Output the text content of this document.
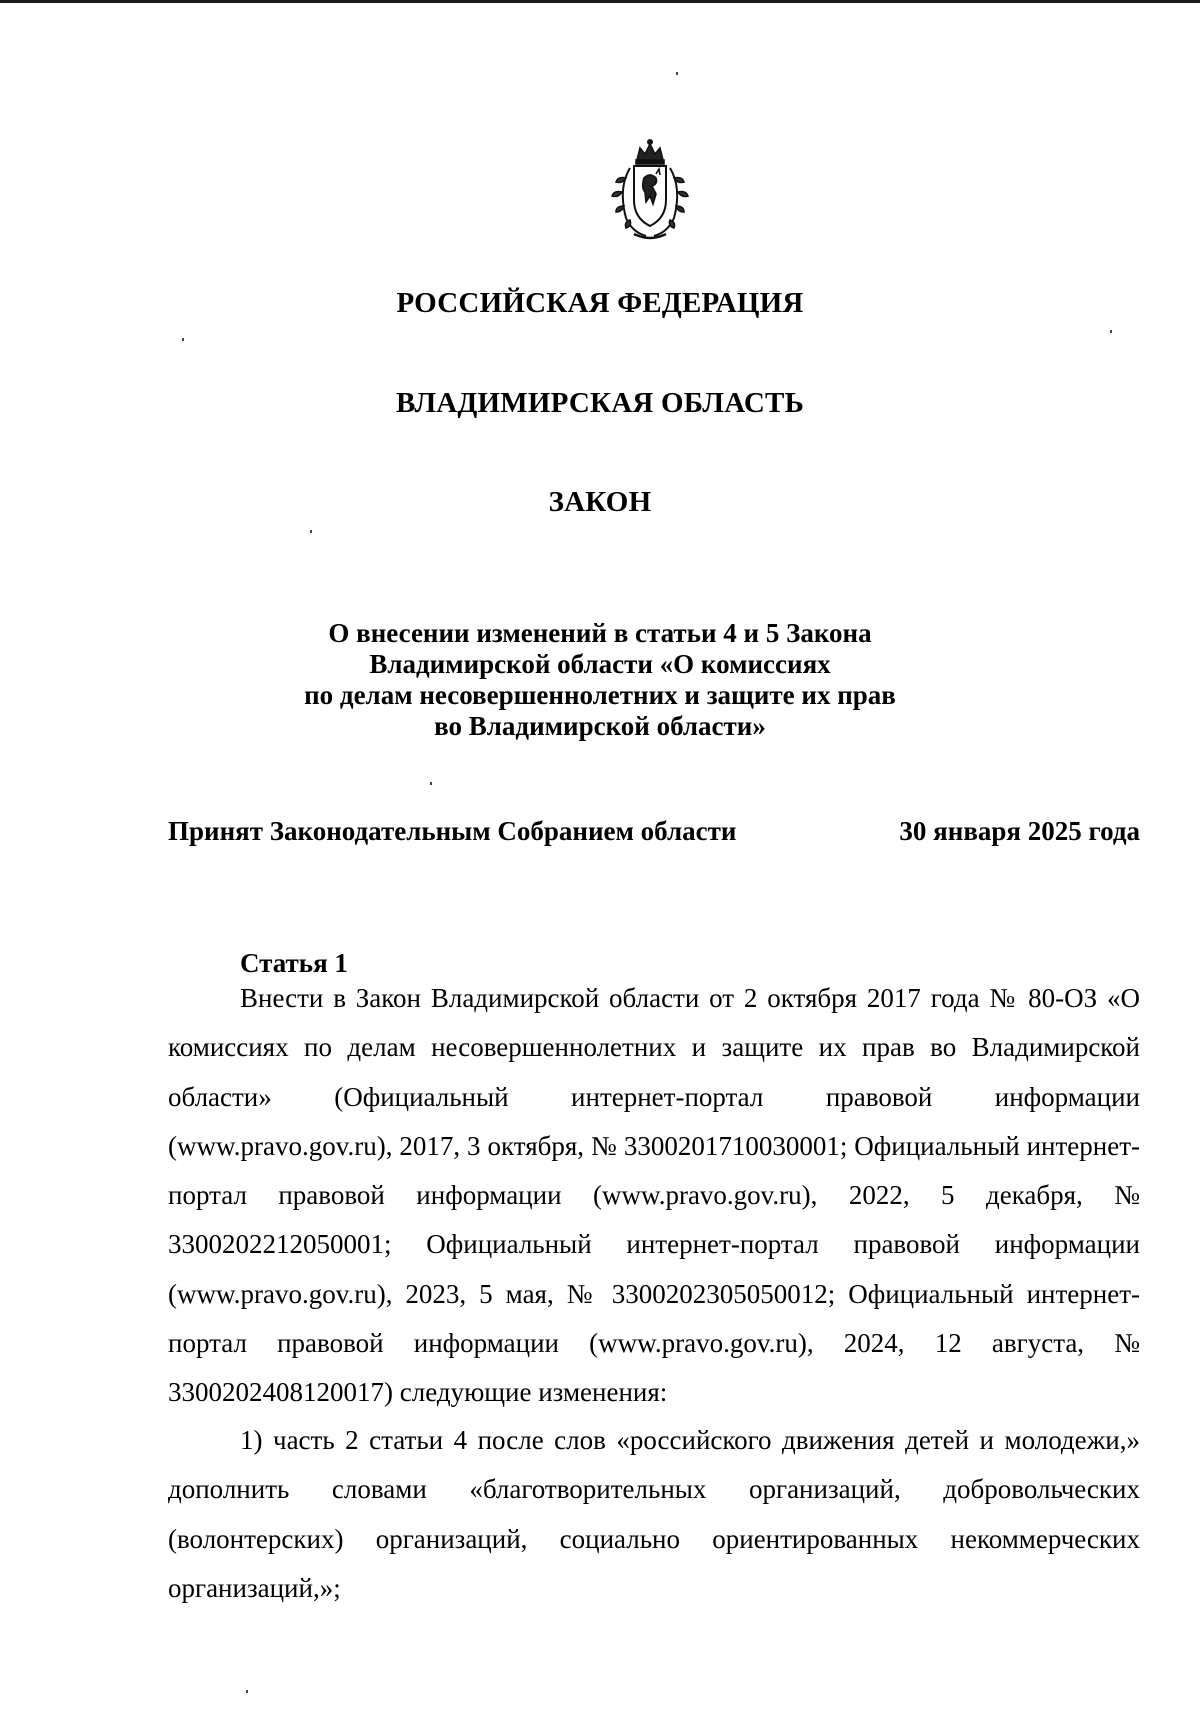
РОССИЙСКАЯ ФЕДЕРАЦИЯ
ВЛАДИМИРСКАЯ ОБЛАСТЬ
ЗАКОН
О внесении изменений в статьи 4 и 5 Закона
Владимирской области «О комиссиях
по делам несовершеннолетних и защите их прав
во Владимирской области»
Принят Законодательным Собранием области	30 января 2025 года
Статья 1
Внести в Закон Владимирской области от 2 октября 2017 года № 80-ОЗ «О комиссиях по делам несовершеннолетних и защите их прав во Владимирской области» (Официальный интернет-портал правовой информации (www.pravo.gov.ru), 2017, 3 октября, № 3300201710030001; Официальный интернет-портал правовой информации (www.pravo.gov.ru), 2022, 5 декабря, № 3300202212050001; Официальный интернет-портал правовой информации (www.pravo.gov.ru), 2023, 5 мая, № 3300202305050012; Официальный интернет-портал правовой информации (www.pravo.gov.ru), 2024, 12 августа, № 3300202408120017) следующие изменения:
1) часть 2 статьи 4 после слов «российского движения детей и молодежи,» дополнить словами «благотворительных организаций, добровольческих (волонтерских) организаций, социально ориентированных некоммерческих организаций,»;
